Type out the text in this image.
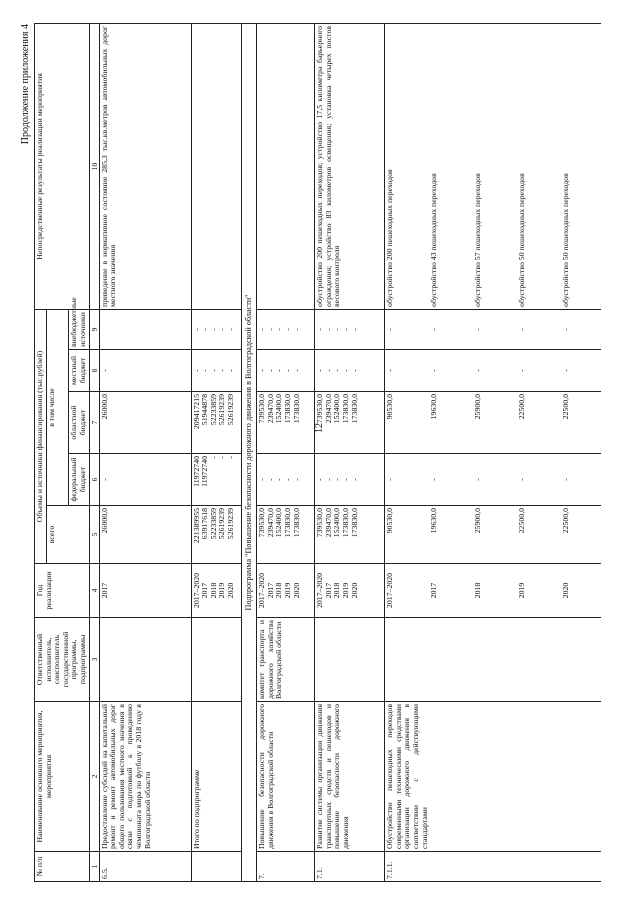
12
Продолжение приложения 4
№ п/п	Наименование основного мероприятия, мероприятия	Ответственный исполнитель, соисполнитель государственной программы, подпрограммы	Год реализации	Объемы и источники финансирования (тыс.рублей)					Непосредственные результаты реализации мероприятия
				всего	в том числе				
					федеральный бюджет	областной бюджет	местный бюджет	внебюджетные источники	
1	2	3	4	5	6	7	8	9	10
6.5.	Предоставление субсидий на капитальный ремонт и ремонт автомобильных дорог общего пользования местного значения в связи с подготовкой к проведению чемпионата мира по футболу в 2018 году в Волгоградской области		2017	26000,0	-	26000,0	-		приведение в нормативное состояние 285,3 тыс.кв.метров автомобильных дорог местного значения
	Итого по подпрограмме		2017–2020 2017 2018 2019 2020	221389955 63917618 52233859 52619239 52619239	11972740 11972740 - - -	209417215 51944878 52233859 52619239 52619239	- - - - -	- - - - -	

Подпрограмма "Повышение безопасности дорожного движения в Волгоградской области"									
7.	Повышение безопасности дорожного движения в Волгоградской области	комитет транспорта и дорожного хозяйства Волгоградской области	2017–2020 2017 2018 2019 2020	739530,0 239470,0 152400,0 173830,0 173830,0	- - - - -	739530,0 239470,0 152400,0 173830,0 173830,0	- - - - -	- - - - -	

7.1.	Развитие системы организации движения транспортных средств и пешеходов и повышение безопасности дорожного движения		2017–2020 2017 2018 2019 2020	739530,0 239470,0 152400,0 173830,0 173830,0	- - - - -	739530,0 239470,0 152400,0 173830,0 173830,0	- - - - -	- - - - -	обустройство 200 пешеходных переходов; устройство 17,5 километра барьерного ограждения; устройство 83 километров освещения; установка четырех постов весового контроля
7.1.1.	Обустройство пешеходных переходов современными техническими средствами организации дорожного движения в соответствии с действующими стандартами		2017–2020	90530,0	-	90530,0	-	-	обустройство 200 пешеходных переходов
			2017	19630,0	-	19630,0	-	-	обустройство 43 пешеходных переходов
			2018	25900,0	-	25900,0	-	-	обустройство 57 пешеходных переходов
			2019	22500,0	-	22500,0	-	-	обустройство 50 пешеходных переходов
			2020	22500,0	-	22500,0	-	-	обустройство 50 пешеходных переходов
